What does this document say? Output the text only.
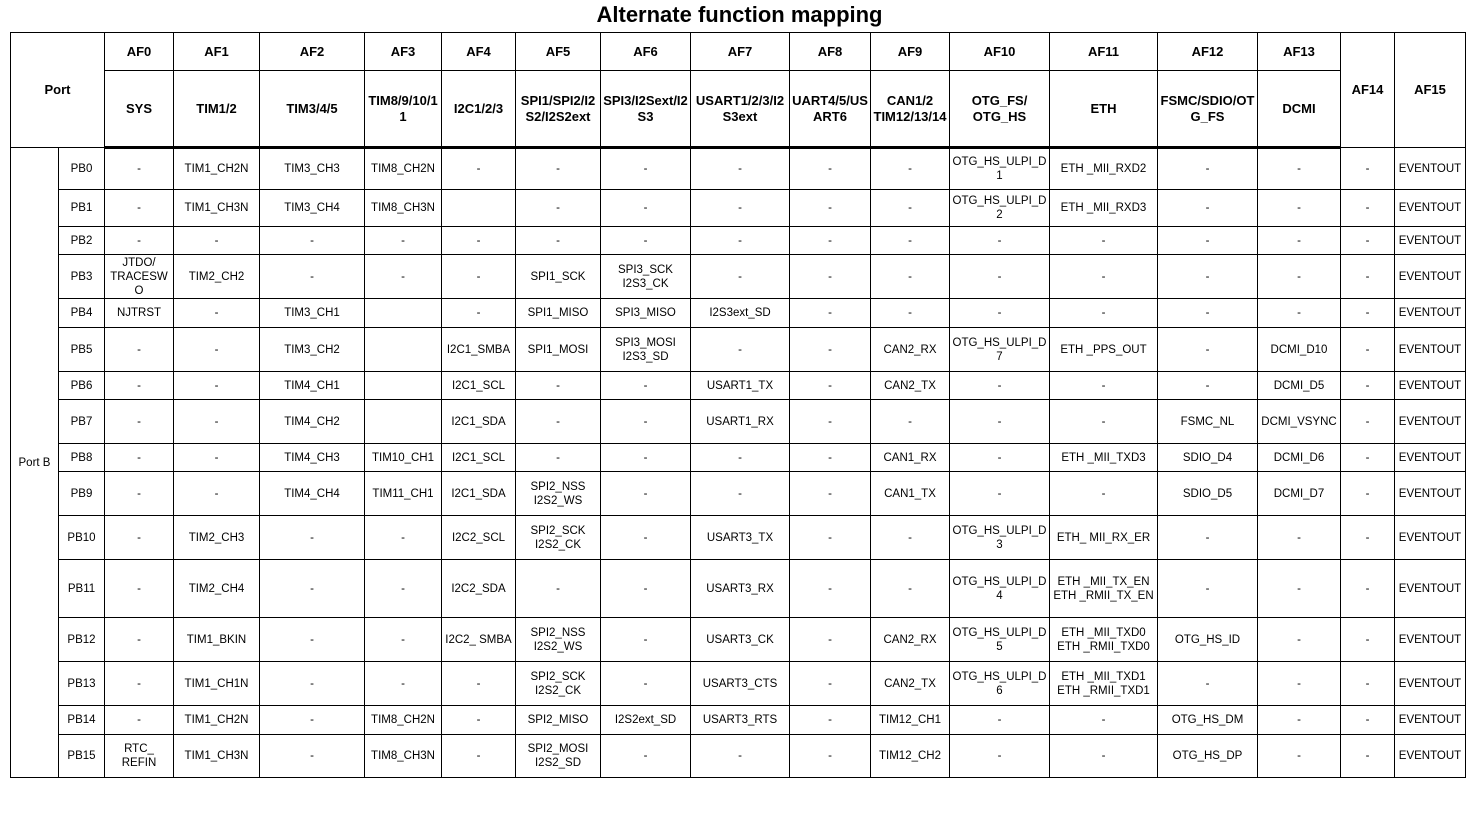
Alternate function mapping
Port		AF0	AF1	AF2	AF3	AF4	AF5	AF6	AF7	AF8	AF9	AF10	AF11	AF12	AF13	AF14	AF15
		SYS	TIM1/2	TIM3/4/5	TIM8/9/10/11	I2C1/2/3	SPI1/SPI2/I2S2/I2S2ext	SPI3/I2Sext/I2S3	USART1/2/3/I2S3ext	UART4/5/USART6	CAN1/2 TIM12/13/14	OTG_FS/ OTG_HS	ETH	FSMC/SDIO/OTG_FS	DCMI		
Port B	PB0	-	TIM1_CH2N	TIM3_CH3	TIM8_CH2N	-	-	-	-	-	-	OTG_HS_ULPI_D1	ETH _MII_RXD2	-	-	-	EVENTOUT
	PB1	-	TIM1_CH3N	TIM3_CH4	TIM8_CH3N		-	-	-	-	-	OTG_HS_ULPI_D2	ETH _MII_RXD3	-	-	-	EVENTOUT
	PB2	-	-	-	-	-	-	-	-	-	-	-	-	-	-	-	EVENTOUT
	PB3	JTDO/ TRACESWO	TIM2_CH2	-	-	-	SPI1_SCK	SPI3_SCK I2S3_CK	-	-	-	-	-	-	-	-	EVENTOUT
	PB4	NJTRST	-	TIM3_CH1		-	SPI1_MISO	SPI3_MISO	I2S3ext_SD	-	-	-	-	-	-	-	EVENTOUT
	PB5	-	-	TIM3_CH2		I2C1_SMBA	SPI1_MOSI	SPI3_MOSI I2S3_SD	-	-	CAN2_RX	OTG_HS_ULPI_D7	ETH _PPS_OUT	-	DCMI_D10	-	EVENTOUT
	PB6	-	-	TIM4_CH1		I2C1_SCL	-	-	USART1_TX	-	CAN2_TX	-	-	-	DCMI_D5	-	EVENTOUT
	PB7	-	-	TIM4_CH2		I2C1_SDA	-	-	USART1_RX	-	-	-	-	FSMC_NL	DCMI_VSYNC	-	EVENTOUT
	PB8	-	-	TIM4_CH3	TIM10_CH1	I2C1_SCL	-	-	-	-	CAN1_RX	-	ETH _MII_TXD3	SDIO_D4	DCMI_D6	-	EVENTOUT
	PB9	-	-	TIM4_CH4	TIM11_CH1	I2C1_SDA	SPI2_NSS I2S2_WS	-	-	-	CAN1_TX	-	-	SDIO_D5	DCMI_D7	-	EVENTOUT
	PB10	-	TIM2_CH3	-	-	I2C2_SCL	SPI2_SCK I2S2_CK	-	USART3_TX	-	-	OTG_HS_ULPI_D3	ETH_ MII_RX_ER	-	-	-	EVENTOUT
	PB11	-	TIM2_CH4	-	-	I2C2_SDA	-	-	USART3_RX	-	-	OTG_HS_ULPI_D4	ETH _MII_TX_EN ETH _RMII_TX_EN	-	-	-	EVENTOUT
	PB12	-	TIM1_BKIN	-	-	I2C2_ SMBA	SPI2_NSS I2S2_WS	-	USART3_CK	-	CAN2_RX	OTG_HS_ULPI_D5	ETH _MII_TXD0 ETH _RMII_TXD0	OTG_HS_ID	-	-	EVENTOUT
	PB13	-	TIM1_CH1N	-	-	-	SPI2_SCK I2S2_CK	-	USART3_CTS	-	CAN2_TX	OTG_HS_ULPI_D6	ETH _MII_TXD1 ETH _RMII_TXD1	-	-	-	EVENTOUT
	PB14	-	TIM1_CH2N	-	TIM8_CH2N	-	SPI2_MISO	I2S2ext_SD	USART3_RTS	-	TIM12_CH1	-	-	OTG_HS_DM	-	-	EVENTOUT
	PB15	RTC_ REFIN	TIM1_CH3N	-	TIM8_CH3N	-	SPI2_MOSI I2S2_SD	-	-	-	TIM12_CH2	-	-	OTG_HS_DP	-	-	EVENTOUT
